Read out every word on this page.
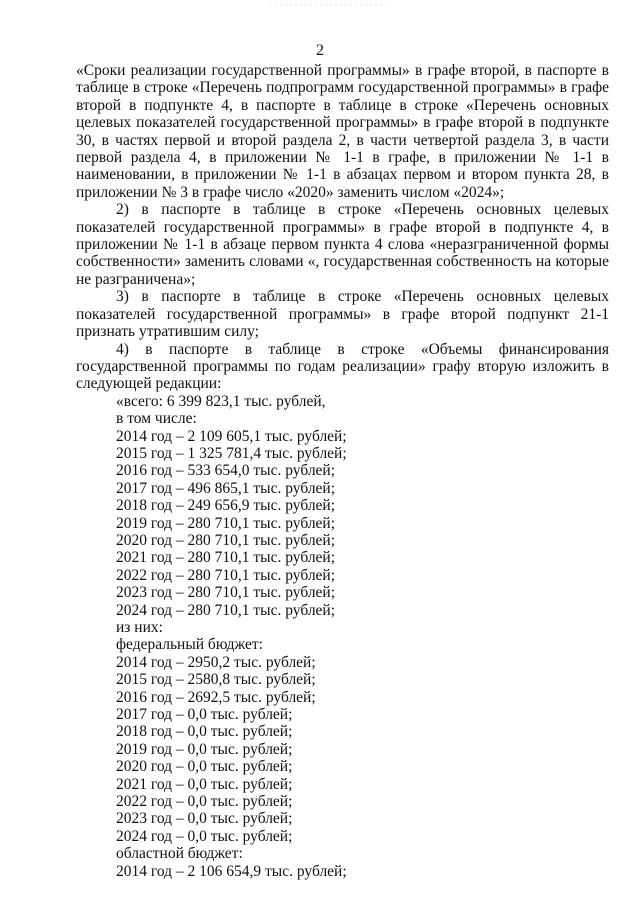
2

«Сроки реализации государственной программы» в графе второй, в паспорте в таблице в строке «Перечень подпрограмм государственной программы» в графе второй в подпункте 4, в паспорте в таблице в строке «Перечень основных целевых показателей государственной программы» в графе второй в подпункте 30, в частях первой и второй раздела 2, в части четвертой раздела 3, в части первой раздела 4, в приложении № 1-1 в графе, в приложении № 1-1 в наименовании, в приложении № 1-1 в абзацах первом и втором пункта 28, в приложении № 3 в графе число «2020» заменить числом «2024»;

2) в паспорте в таблице в строке «Перечень основных целевых показателей государственной программы» в графе второй в подпункте 4, в приложении № 1-1 в абзаце первом пункта 4 слова «неразграниченной формы собственности» заменить словами «, государственная собственность на которые не разграничена»;

3) в паспорте в таблице в строке «Перечень основных целевых показателей государственной программы» в графе второй подпункт 21-1 признать утратившим силу;

4) в паспорте в таблице в строке «Объемы финансирования государственной программы по годам реализации» графу вторую изложить в следующей редакции:

«всего: 6 399 823,1 тыс. рублей,
в том числе:
2014 год – 2 109 605,1 тыс. рублей;
2015 год – 1 325 781,4 тыс. рублей;
2016 год – 533 654,0 тыс. рублей;
2017 год – 496 865,1 тыс. рублей;
2018 год – 249 656,9 тыс. рублей;
2019 год – 280 710,1 тыс. рублей;
2020 год – 280 710,1 тыс. рублей;
2021 год – 280 710,1 тыс. рублей;
2022 год – 280 710,1 тыс. рублей;
2023 год – 280 710,1 тыс. рублей;
2024 год – 280 710,1 тыс. рублей;
из них:
федеральный бюджет:
2014 год – 2950,2 тыс. рублей;
2015 год – 2580,8 тыс. рублей;
2016 год – 2692,5 тыс. рублей;
2017 год – 0,0 тыс. рублей;
2018 год – 0,0 тыс. рублей;
2019 год – 0,0 тыс. рублей;
2020 год – 0,0 тыс. рублей;
2021 год – 0,0 тыс. рублей;
2022 год – 0,0 тыс. рублей;
2023 год – 0,0 тыс. рублей;
2024 год – 0,0 тыс. рублей;
областной бюджет:
2014 год – 2 106 654,9 тыс. рублей;
